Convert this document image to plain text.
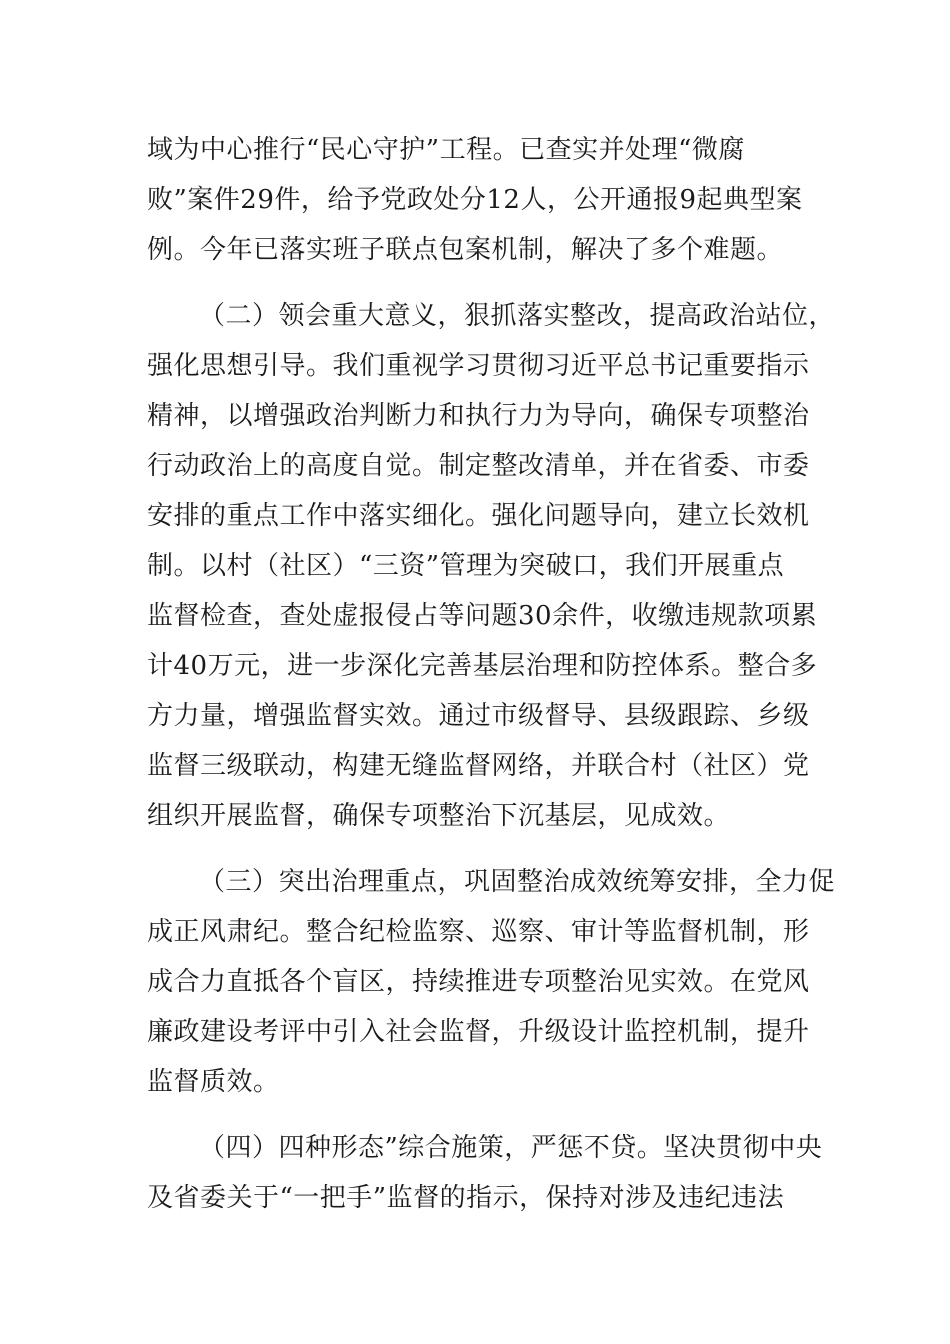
域为中心推行“民心守护”工程。已查实并处理“微腐
败”案件29件，给予党政处分12人，公开通报9起典型案
例。今年已落实班子联点包案机制，解决了多个难题。
（二）领会重大意义，狠抓落实整改，提高政治站位，
强化思想引导。我们重视学习贯彻习近平总书记重要指示
精神，以增强政治判断力和执行力为导向，确保专项整治
行动政治上的高度自觉。制定整改清单，并在省委、市委
安排的重点工作中落实细化。强化问题导向，建立长效机
制。以村（社区）“三资”管理为突破口，我们开展重点
监督检查，查处虚报侵占等问题30余件，收缴违规款项累
计40万元，进一步深化完善基层治理和防控体系。整合多
方力量，增强监督实效。通过市级督导、县级跟踪、乡级
监督三级联动，构建无缝监督网络，并联合村（社区）党
组织开展监督，确保专项整治下沉基层，见成效。
（三）突出治理重点，巩固整治成效统筹安排，全力促
成正风肃纪。整合纪检监察、巡察、审计等监督机制，形
成合力直抵各个盲区，持续推进专项整治见实效。在党风
廉政建设考评中引入社会监督，升级设计监控机制，提升
监督质效。
（四）四种形态”综合施策，严惩不贷。坚决贯彻中央
及省委关于“一把手”监督的指示，保持对涉及违纪违法
